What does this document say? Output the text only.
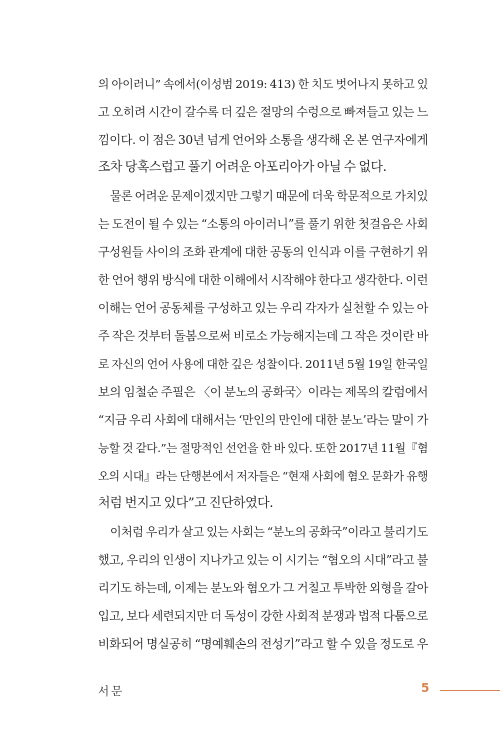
의 아이러니” 속에서(이성범 2019: 413) 한 치도 벗어나지 못하고 있
고 오히려 시간이 갈수록 더 깊은 절망의 수렁으로 빠져들고 있는 느
낌이다. 이 점은 30년 넘게 언어와 소통을 생각해 온 본 연구자에게
조차 당혹스럽고 풀기 어려운 아포리아가 아닐 수 없다.
물론 어려운 문제이겠지만 그렇기 때문에 더욱 학문적으로 가치있
는 도전이 될 수 있는 “소통의 아이러니”를 풀기 위한 첫걸음은 사회
구성원들 사이의 조화 관계에 대한 공동의 인식과 이를 구현하기 위
한 언어 행위 방식에 대한 이해에서 시작해야 한다고 생각한다. 이런
이해는 언어 공동체를 구성하고 있는 우리 각자가 실천할 수 있는 아
주 작은 것부터 돌봄으로써 비로소 가능해지는데 그 작은 것이란 바
로 자신의 언어 사용에 대한 깊은 성찰이다. 2011년 5월 19일 한국일
보의 임철순 주필은 〈이 분노의 공화국〉이라는 제목의 칼럼에서
“지금 우리 사회에 대해서는 ‘만인의 만인에 대한 분노’라는 말이 가
능할 것 같다.”는 절망적인 선언을 한 바 있다. 또한 2017년 11월『혐
오의 시대』라는 단행본에서 저자들은 “현재 사회에 혐오 문화가 유행
처럼 번지고 있다”고 진단하였다.
이처럼 우리가 살고 있는 사회는 “분노의 공화국”이라고 불리기도
했고, 우리의 인생이 지나가고 있는 이 시기는 “혐오의 시대”라고 불
리기도 하는데, 이제는 분노와 혐오가 그 거칠고 투박한 외형을 갈아
입고, 보다 세련되지만 더 독성이 강한 사회적 분쟁과 법적 다툼으로
비화되어 명실공히 “명예훼손의 전성기”라고 할 수 있을 정도로 우
서문	5
